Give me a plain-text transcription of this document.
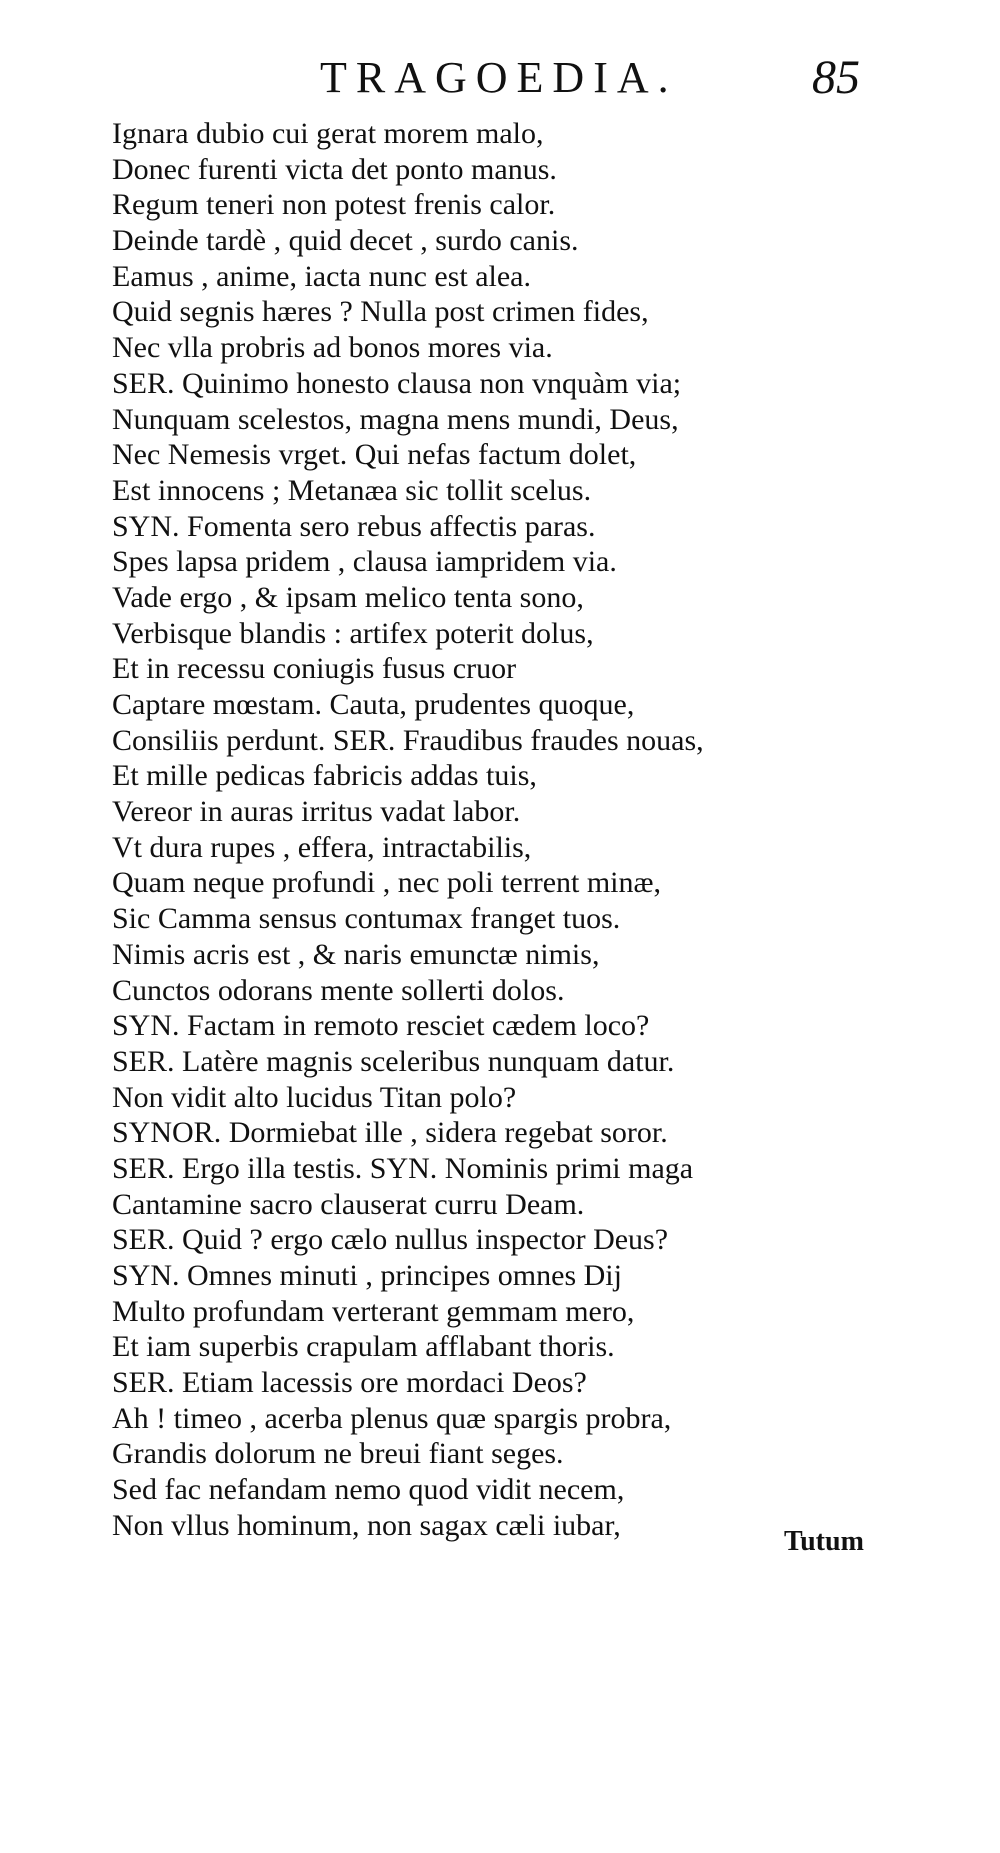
TRAGOEDIA.	85
Ignara dubio cui gerat morem malo,
Donec furenti victa det ponto manus.
Regum teneri non potest frenis calor.
Deinde tardè , quid decet , surdo canis.
Eamus , anime, iacta nunc est alea.
Quid segnis hæres ? Nulla post crimen fides,
Nec vlla probris ad bonos mores via.
SER. Quinimo honesto clausa non vnquàm via;
Nunquam scelestos, magna mens mundi, Deus,
Nec Nemesis vrget. Qui nefas factum dolet,
Est innocens ; Metanæa sic tollit scelus.
SYN. Fomenta sero rebus affectis paras.
Spes lapsa pridem , clausa iampridem via.
Vade ergo , & ipsam melico tenta sono,
Verbisque blandis : artifex poterit dolus,
Et in recessu coniugis fusus cruor
Captare mœstam. Cauta, prudentes quoque,
Consiliis perdunt. SER. Fraudibus fraudes nouas,
Et mille pedicas fabricis addas tuis,
Vereor in auras irritus vadat labor.
Vt dura rupes , efferа, intractabilis,
Quam neque profundi , nec poli terrent minæ,
Sic Camma sensus contumax franget tuos.
Nimis acris est , & naris emunctæ nimis,
Cunctos odorans mente sollerti dolos.
SYN. Factam in remoto resciet cædem loco?
SER. Latère magnis sceleribus nunquam datur.
Non vidit alto lucidus Titan polo?
SYNOR. Dormiebat ille , sidera regebat soror.
SER. Ergo illa testis. SYN. Nominis primi maga
Cantamine sacro clauserat curru Deam.
SER. Quid ? ergo cælo nullus inspector Deus?
SYN. Omnes minuti , principes omnes Dij
Multo profundam verterant gemmam mero,
Et iam superbis crapulam afflabant thoris.
SER. Etiam lacessis ore mordaci Deos?
Ah ! timeo , acerba plenus quæ spargis probra,
Grandis dolorum ne breui fiant seges.
Sed fac nefandam nemo quod vidit necem,
Non vllus hominum, non sagax cæli iubar,	Tutum
